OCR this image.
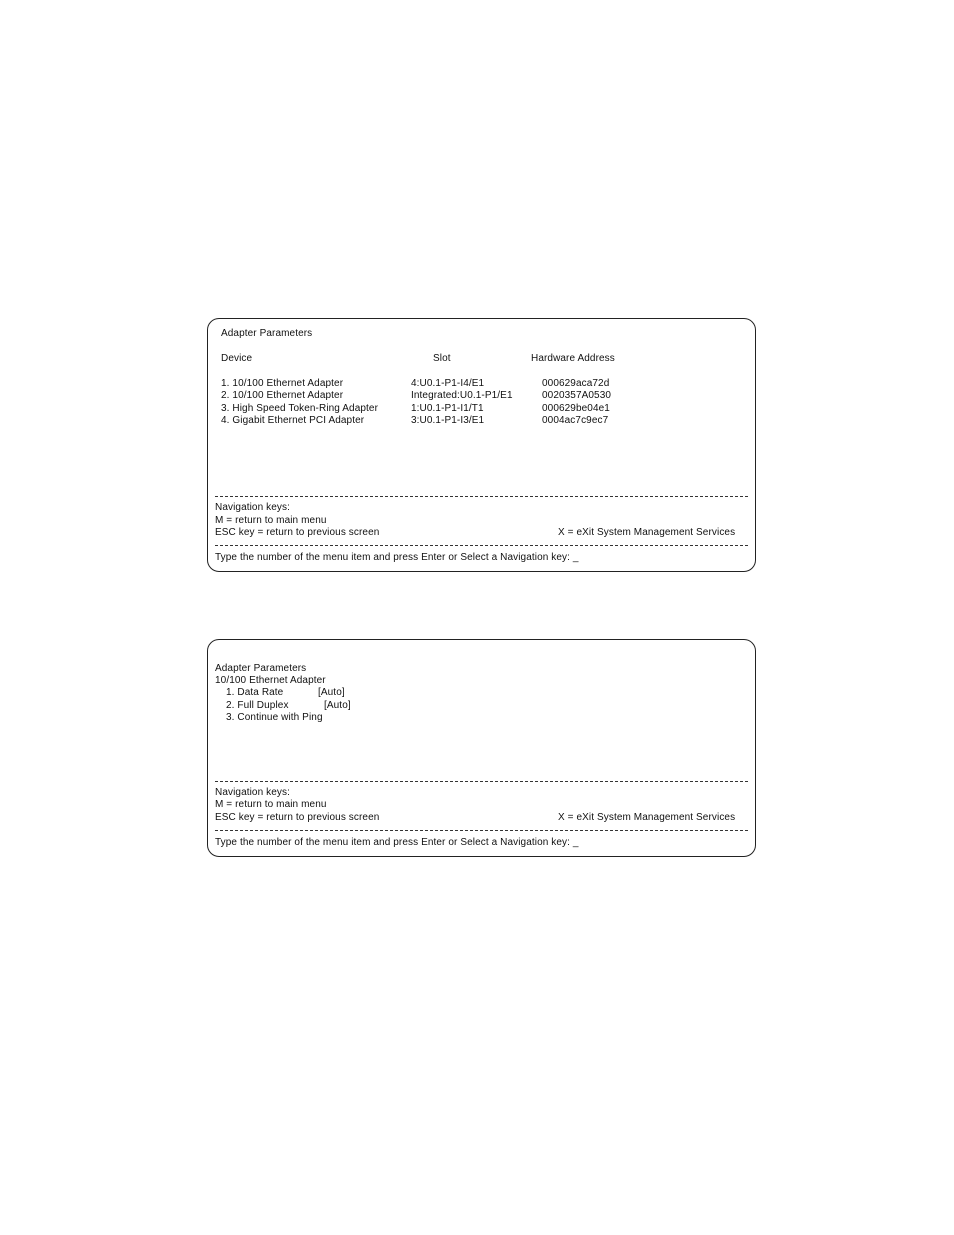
Adapter Parameters
Device	Slot	Hardware Address
1. 10/100 Ethernet Adapter	4:U0.1-P1-I4/E1	000629aca72d
2. 10/100 Ethernet Adapter	Integrated:U0.1-P1/E1	0020357A0530
3. High Speed Token-Ring Adapter	1:U0.1-P1-I1/T1	000629be04e1
4. Gigabit Ethernet PCI Adapter	3:U0.1-P1-I3/E1	0004ac7c9ec7
Navigation keys:
M = return to main menu
ESC key = return to previous screen	X = eXit System Management Services
Type the number of the menu item and press Enter or Select a Navigation key: _
Adapter Parameters
10/100 Ethernet Adapter
1. Data Rate	[Auto]
2. Full Duplex	[Auto]
3. Continue with Ping
Navigation keys:
M = return to main menu
ESC key = return to previous screen	X = eXit System Management Services
Type the number of the menu item and press Enter or Select a Navigation key: _
